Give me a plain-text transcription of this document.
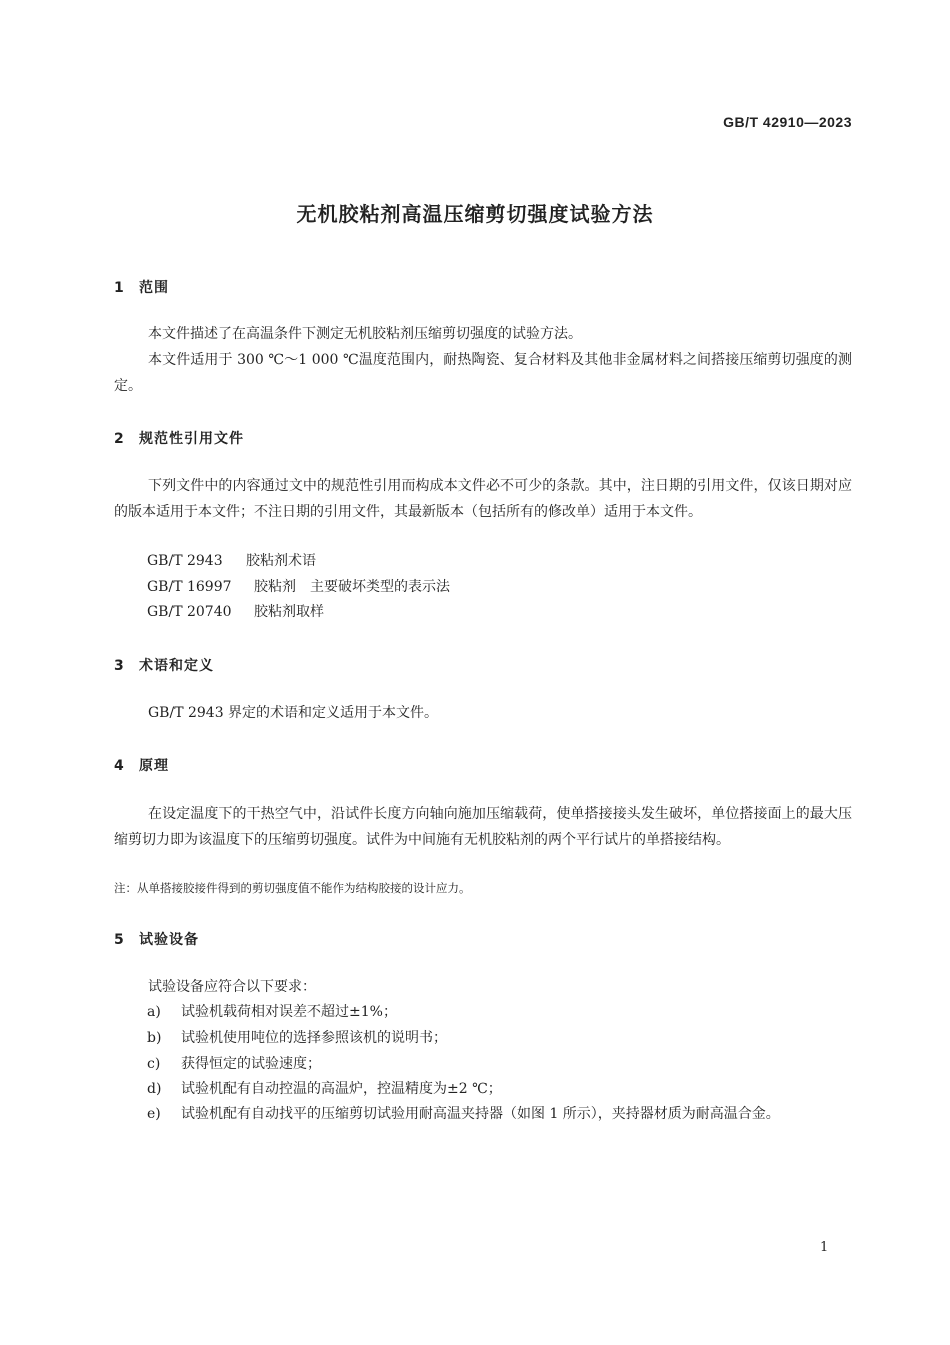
GB/T 42910—2023
无机胶粘剂高温压缩剪切强度试验方法
1 范围
本文件描述了在高温条件下测定无机胶粘剂压缩剪切强度的试验方法。
本文件适用于 300 ℃～1 000 ℃温度范围内，耐热陶瓷、复合材料及其他非金属材料之间搭接压缩剪切强度的测定。
2 规范性引用文件
下列文件中的内容通过文中的规范性引用而构成本文件必不可少的条款。其中，注日期的引用文件，仅该日期对应的版本适用于本文件；不注日期的引用文件，其最新版本（包括所有的修改单）适用于本文件。
GB/T 2943 胶粘剂术语
GB/T 16997 胶粘剂　主要破坏类型的表示法
GB/T 20740 胶粘剂取样
3 术语和定义
GB/T 2943 界定的术语和定义适用于本文件。
4 原理
在设定温度下的干热空气中，沿试件长度方向轴向施加压缩载荷，使单搭接接头发生破坏，单位搭接面上的最大压缩剪切力即为该温度下的压缩剪切强度。试件为中间施有无机胶粘剂的两个平行试片的单搭接结构。
注：从单搭接胶接件得到的剪切强度值不能作为结构胶接的设计应力。
5 试验设备
试验设备应符合以下要求：
a)	试验机载荷相对误差不超过±1%；
b)	试验机使用吨位的选择参照该机的说明书；
c)	获得恒定的试验速度；
d)	试验机配有自动控温的高温炉，控温精度为±2 ℃；
e)	试验机配有自动找平的压缩剪切试验用耐高温夹持器（如图 1 所示），夹持器材质为耐高温合金。
1
